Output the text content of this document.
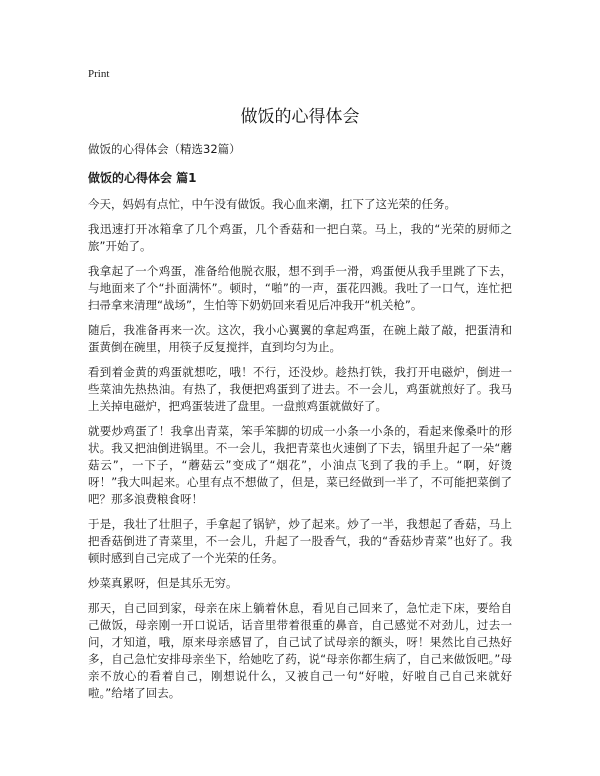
Print
做饭的心得体会
做饭的心得体会（精选32篇）
做饭的心得体会 篇1

今天，妈妈有点忙，中午没有做饭。我心血来潮，扛下了这光荣的任务。

我迅速打开冰箱拿了几个鸡蛋，几个香菇和一把白菜。马上，我的“光荣的厨师之旅”开始了。

我拿起了一个鸡蛋，准备给他脱衣服，想不到手一滑，鸡蛋便从我手里跳了下去，与地面来了个“扑面满怀”。顿时，“啪”的一声，蛋花四溅。我吐了一口气，连忙把扫帚拿来清理“战场”，生怕等下奶奶回来看见后冲我开“机关枪”。

随后，我准备再来一次。这次，我小心翼翼的拿起鸡蛋，在碗上敲了敲，把蛋清和蛋黄倒在碗里，用筷子反复搅拌，直到均匀为止。

看到着金黄的鸡蛋就想吃，哦！不行，还没炒。趁热打铁，我打开电磁炉，倒进一些菜油先热热油。有热了，我便把鸡蛋到了进去。不一会儿，鸡蛋就煎好了。我马上关掉电磁炉，把鸡蛋装进了盘里。一盘煎鸡蛋就做好了。

就要炒鸡蛋了！我拿出青菜，笨手笨脚的切成一小条一小条的，看起来像桑叶的形状。我又把油倒进锅里。不一会儿，我把青菜也火速倒了下去，锅里升起了一朵“蘑菇云”，一下子，“蘑菇云”变成了“烟花”，小油点飞到了我的手上。“啊，好烫呀！”我大叫起来。心里有点不想做了，但是，菜已经做到一半了，不可能把菜倒了吧？那多浪费粮食呀！

于是，我壮了壮胆子，手拿起了锅铲，炒了起来。炒了一半，我想起了香菇，马上把香菇倒进了青菜里，不一会儿，升起了一股香气，我的“香菇炒青菜”也好了。我顿时感到自己完成了一个光荣的任务。

炒菜真累呀，但是其乐无穷。

那天，自己回到家，母亲在床上躺着休息，看见自己回来了，急忙走下床，要给自己做饭，母亲刚一开口说话，话音里带着很重的鼻音，自己感觉不对劲儿，过去一问，才知道，哦，原来母亲感冒了，自己试了试母亲的额头，呀！果然比自己热好多，自己急忙安排母亲坐下，给她吃了药，说“母亲你都生病了，自己来做饭吧。”母亲不放心的看着自己，刚想说什么，又被自己一句“好啦，好啦自己自己来就好啦。”给堵了回去。
